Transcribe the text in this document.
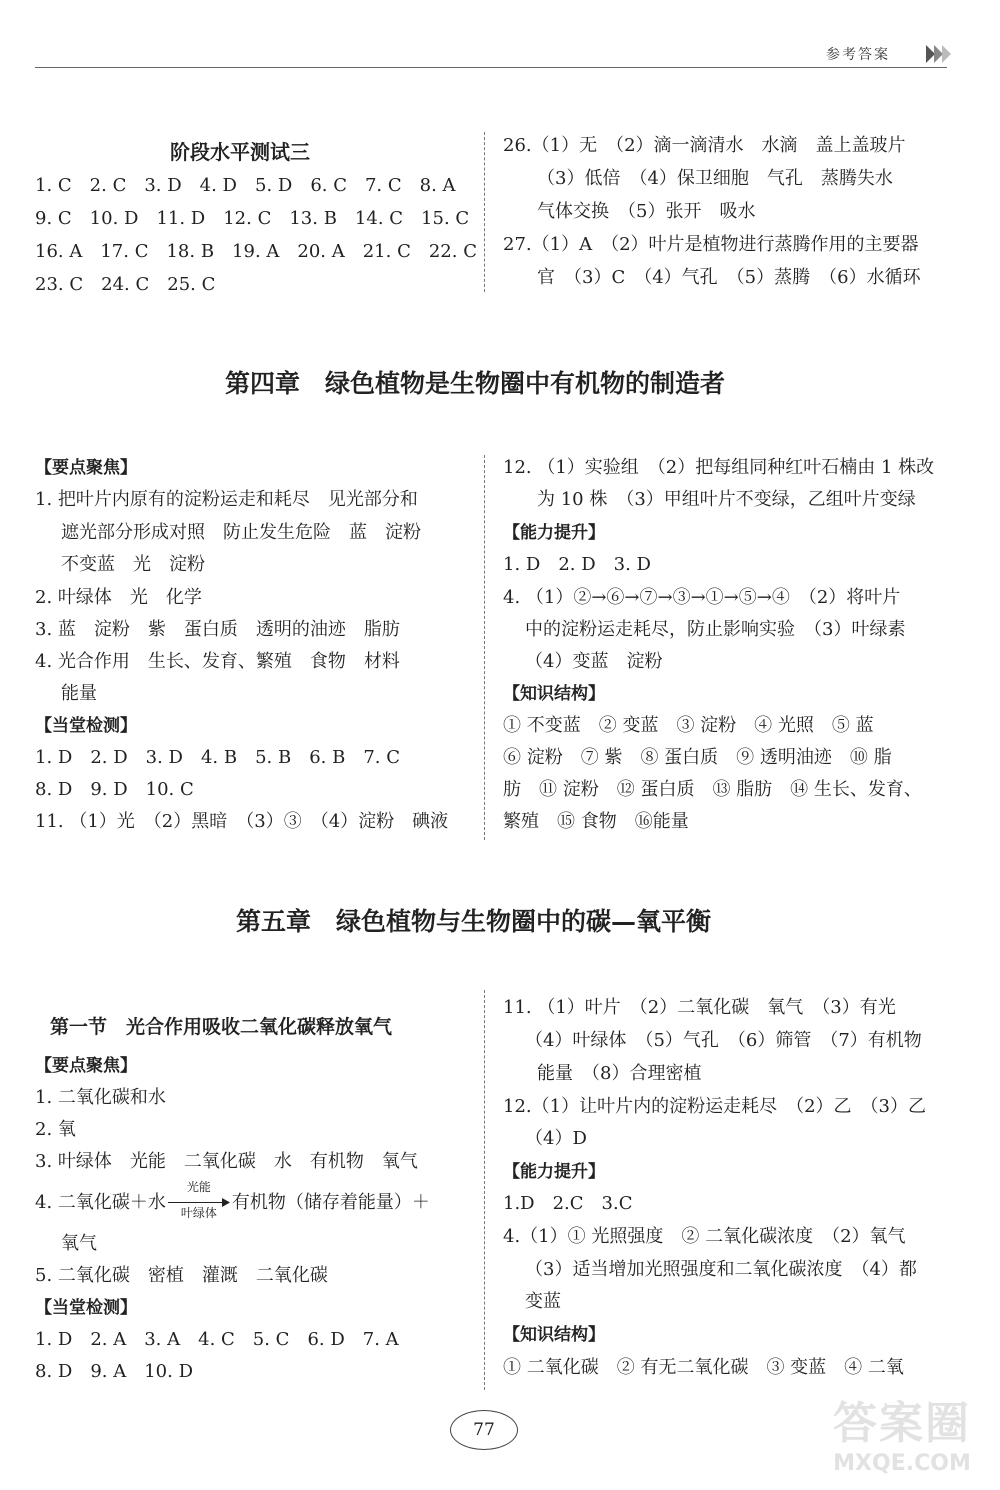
参考答案
阶段水平测试三
1. C　2. C　3. D　4. D　5. D　6. C　7. C　8. A
9. C　10. D　11. D　12. C　13. B　14. C　15. C
16. A　17. C　18. B　19. A　20. A　21. C　22. C
23. C　24. C　25. C
26.（1）无　（2）滴一滴清水　水滴　盖上盖玻片
（3）低倍　（4）保卫细胞　气孔　蒸腾失水
气体交换　（5）张开　吸水
27.（1）A　（2）叶片是植物进行蒸腾作用的主要器
官　（3）C　（4）气孔　（5）蒸腾　（6）水循环
第四章　绿色植物是生物圈中有机物的制造者
【要点聚焦】
1. 把叶片内原有的淀粉运走和耗尽　见光部分和
遮光部分形成对照　防止发生危险　蓝　淀粉
不变蓝　光　淀粉
2. 叶绿体　光　化学
3. 蓝　淀粉　紫　蛋白质　透明的油迹　脂肪
4. 光合作用　生长、发育、繁殖　食物　材料
能量
【当堂检测】
1. D　2. D　3. D　4. B　5. B　6. B　7. C
8. D　9. D　10. C
11. （1）光　（2）黑暗　（3）③　（4）淀粉　碘液
12. （1）实验组　（2）把每组同种红叶石楠由 1 株改
为 10 株　（3）甲组叶片不变绿，乙组叶片变绿
【能力提升】
1. D　2. D　3. D
4. （1）②→⑥→⑦→③→①→⑤→④　（2）将叶片
中的淀粉运走耗尽，防止影响实验　（3）叶绿素
（4）变蓝　淀粉
【知识结构】
① 不变蓝　② 变蓝　③ 淀粉　④ 光照　⑤ 蓝
⑥ 淀粉　⑦ 紫　⑧ 蛋白质　⑨ 透明油迹　⑩ 脂
肪　⑪ 淀粉　⑫ 蛋白质　⑬ 脂肪　⑭ 生长、发育、
繁殖　⑮ 食物　⑯能量
第五章　绿色植物与生物圈中的碳—氧平衡
第一节　光合作用吸收二氧化碳释放氧气
【要点聚焦】
1. 二氧化碳和水
2. 氧
3. 叶绿体　光能　二氧化碳　水　有机物　氧气
4. 二氧化碳＋水
光能
叶绿体 有机物（储存着能量）＋
氧气
5. 二氧化碳　密植　灌溉　二氧化碳
【当堂检测】
1. D　2. A　3. A　4. C　5. C　6. D　7. A
8. D　9. A　10. D
11. （1）叶片　（2）二氧化碳　氧气　（3）有光
（4）叶绿体　（5）气孔　（6）筛管　（7）有机物
能量　（8）合理密植
12.（1）让叶片内的淀粉运走耗尽　（2）乙　（3）乙
（4）D
【能力提升】
1.D　2.C　3.C
4.（1）① 光照强度　② 二氧化碳浓度　（2）氧气
（3）适当增加光照强度和二氧化碳浓度　（4）都
变蓝
【知识结构】
① 二氧化碳　② 有无二氧化碳　③ 变蓝　④ 二氧
77	答案圈
MXQE.COM
